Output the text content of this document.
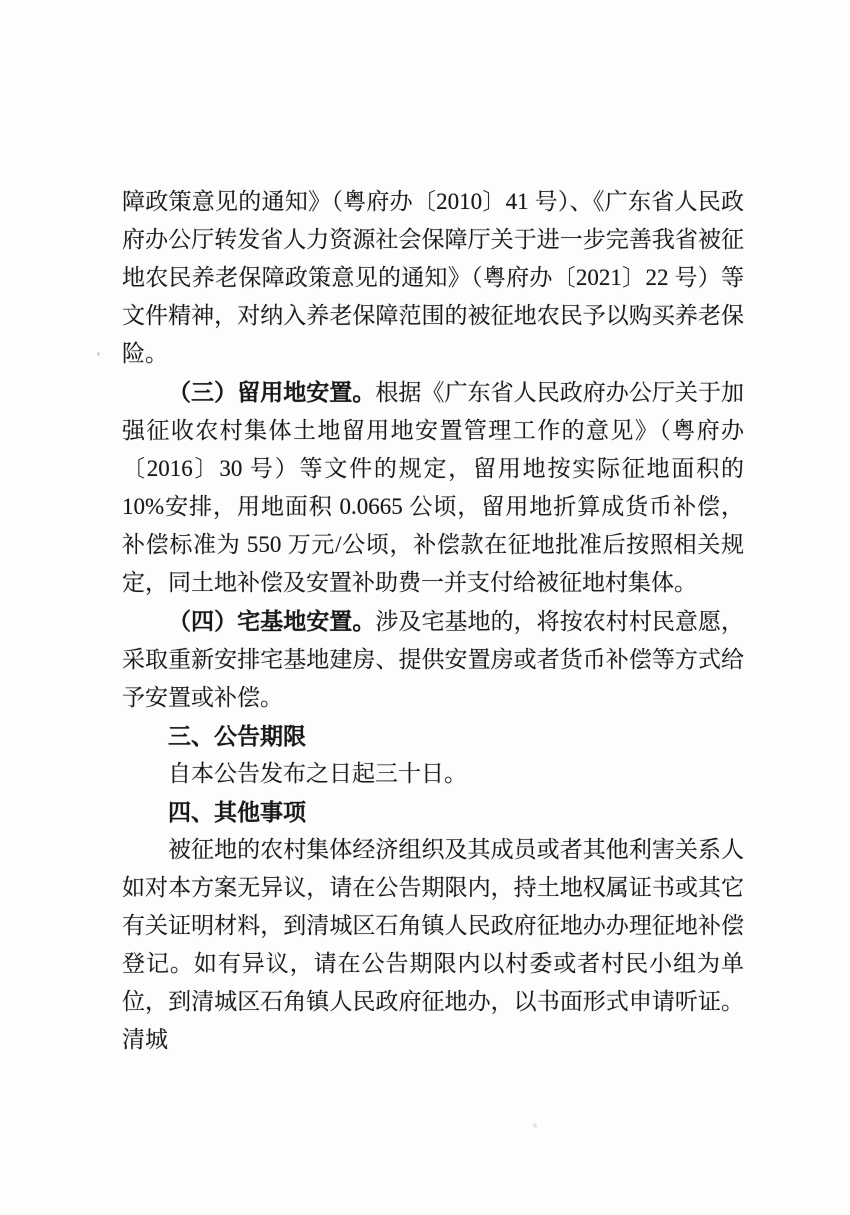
障政策意见的通知》（粤府办〔2010〕41 号）、《广东省人民政府办公厅转发省人力资源社会保障厅关于进一步完善我省被征地农民养老保障政策意见的通知》（粤府办〔2021〕22 号）等文件精神，对纳入养老保障范围的被征地农民予以购买养老保险。

（三）留用地安置。根据《广东省人民政府办公厅关于加强征收农村集体土地留用地安置管理工作的意见》（粤府办〔2016〕30 号）等文件的规定，留用地按实际征地面积的 10%安排，用地面积 0.0665 公顷，留用地折算成货币补偿，补偿标准为 550 万元/公顷，补偿款在征地批准后按照相关规定，同土地补偿及安置补助费一并支付给被征地村集体。

（四）宅基地安置。涉及宅基地的，将按农村村民意愿，采取重新安排宅基地建房、提供安置房或者货币补偿等方式给予安置或补偿。

三、公告期限

自本公告发布之日起三十日。

四、其他事项

被征地的农村集体经济组织及其成员或者其他利害关系人如对本方案无异议，请在公告期限内，持土地权属证书或其它有关证明材料，到清城区石角镇人民政府征地办办理征地补偿登记。如有异议，请在公告期限内以村委或者村民小组为单位，到清城区石角镇人民政府征地办，以书面形式申请听证。清城
